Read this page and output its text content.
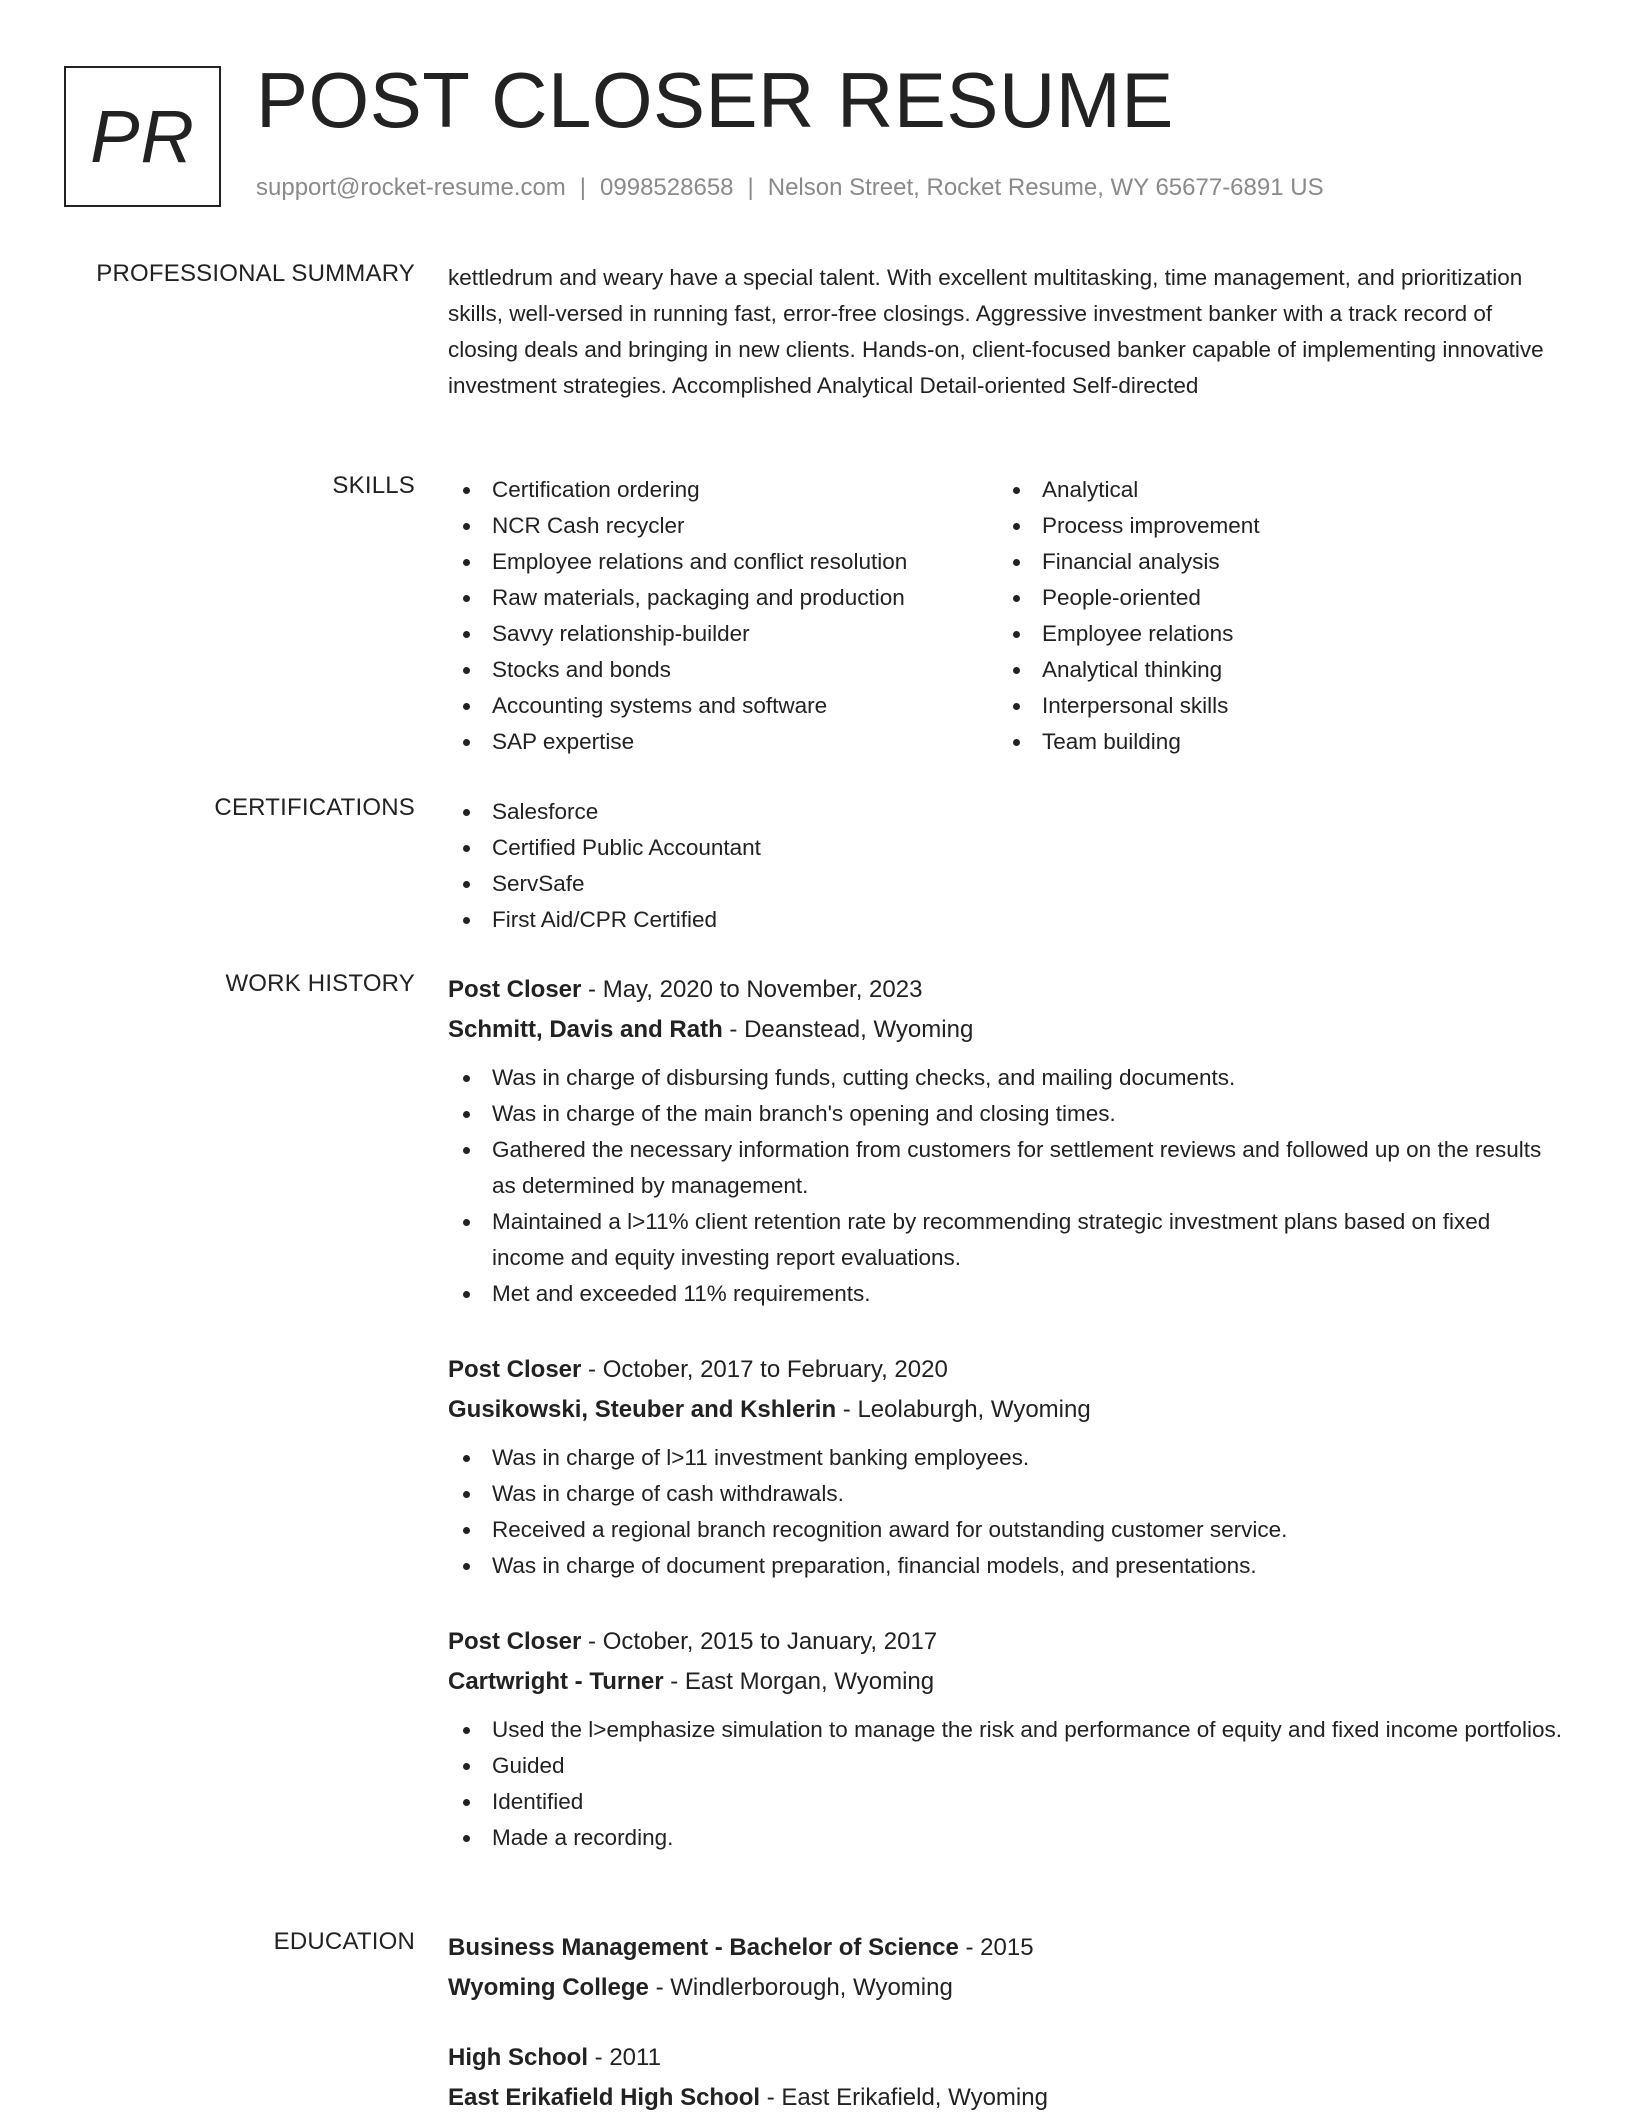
PR POST CLOSER RESUME
support@rocket-resume.com | 0998528658 | Nelson Street, Rocket Resume, WY 65677-6891 US
PROFESSIONAL SUMMARY kettledrum and weary have a special talent. With excellent multitasking, time management, and prioritization skills, well-versed in running fast, error-free closings. Aggressive investment banker with a track record of closing deals and bringing in new clients. Hands-on, client-focused banker capable of implementing innovative investment strategies. Accomplished Analytical Detail-oriented Self-directed

SKILLS	Certification ordering
NCR Cash recycler
Employee relations and conflict resolution
Raw materials, packaging and production
Savvy relationship-builder
Stocks and bonds
Accounting systems and software
SAP expertise
Analytical
Process improvement
Financial analysis
People-oriented
Employee relations
Analytical thinking
Interpersonal skills
Team building
CERTIFICATIONS	Salesforce
Certified Public Accountant
ServSafe
First Aid/CPR Certified
WORK HISTORY Post Closer - May, 2020 to November, 2023
Schmitt, Davis and Rath - Deanstead, Wyoming
Was in charge of disbursing funds, cutting checks, and mailing documents.
Was in charge of the main branch's opening and closing times.
Gathered the necessary information from customers for settlement reviews and followed up on the results as determined by management.
Maintained a l>11% client retention rate by recommending strategic investment plans based on fixed income and equity investing report evaluations.
Met and exceeded 11% requirements.
Post Closer - October, 2017 to February, 2020
Gusikowski, Steuber and Kshlerin - Leolaburgh, Wyoming
Was in charge of l>11 investment banking employees.
Was in charge of cash withdrawals.
Received a regional branch recognition award for outstanding customer service.
Was in charge of document preparation, financial models, and presentations.
Post Closer - October, 2015 to January, 2017
Cartwright - Turner - East Morgan, Wyoming
Used the l>emphasize simulation to manage the risk and performance of equity and fixed income portfolios.
Guided
Identified
Made a recording.
EDUCATION Business Management - Bachelor of Science - 2015
Wyoming College - Windlerborough, Wyoming
High School - 2011
East Erikafield High School - East Erikafield, Wyoming
